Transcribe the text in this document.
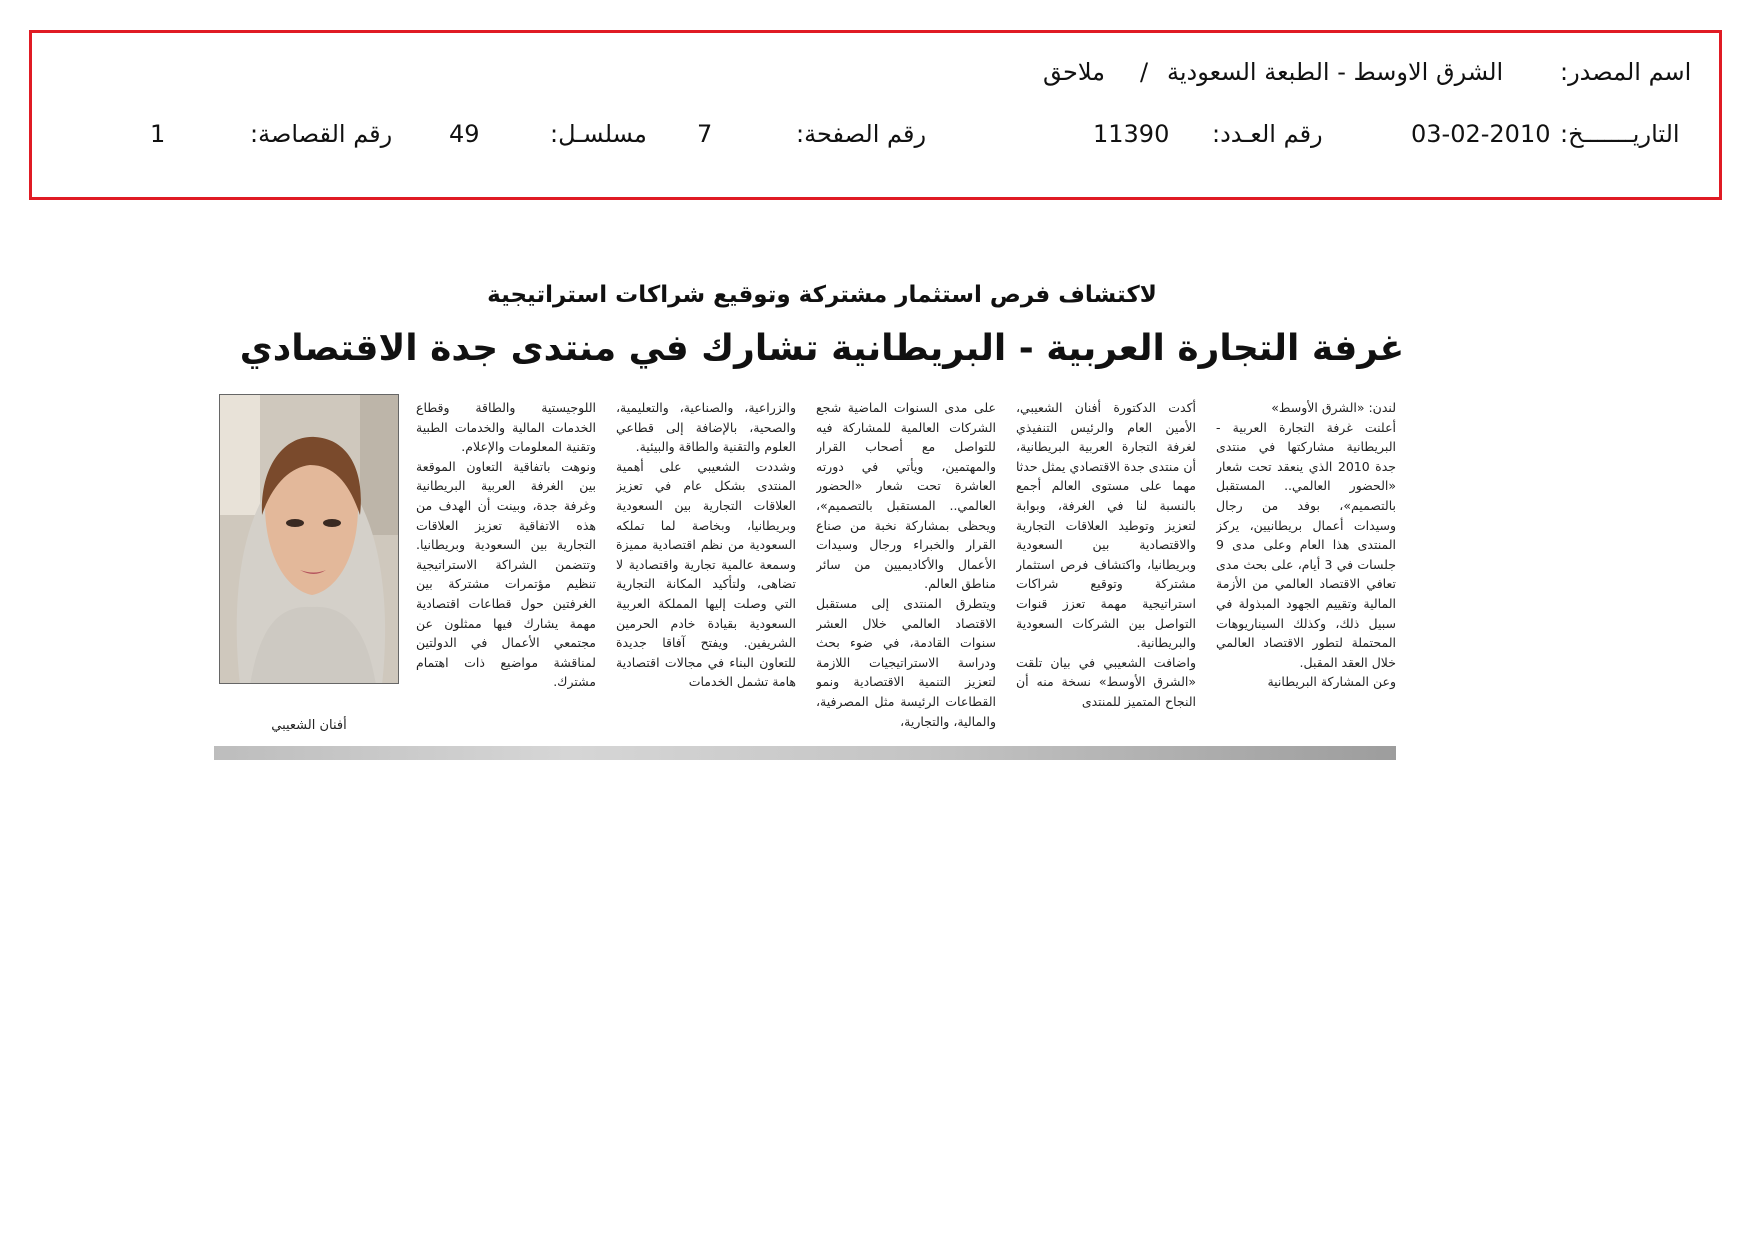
اسم المصدر:
الشرق الاوسط - الطبعة السعودية
/
ملاحق
التاريـــــــخ:
03-02-2010
رقم العـدد:
11390
رقم الصفحة:
7
مسلسـل:
49
رقم القصاصة:
1
لاكتشاف فرص استثمار مشتركة وتوقيع شراكات استراتيجية
غرفة التجارة العربية - البريطانية تشارك في منتدى جدة الاقتصادي

لندن: «الشرق الأوسط»
أعلنت غرفة التجارة العربية - البريطانية مشاركتها في منتدى جدة 2010 الذي ينعقد تحت شعار «الحضور العالمي.. المستقبل بالتصميم»، بوفد من رجال وسيدات أعمال بريطانيين، يركز المنتدى هذا العام وعلى مدى 9 جلسات في 3 أيام، على بحث مدى تعافي الاقتصاد العالمي من الأزمة المالية وتقييم الجهود المبذولة في سبيل ذلك، وكذلك السيناريوهات المحتملة لتطور الاقتصاد العالمي خلال العقد المقبل.
وعن المشاركة البريطانية

أكدت الدكتورة أفنان الشعيبي، الأمين العام والرئيس التنفيذي لغرفة التجارة العربية البريطانية، أن منتدى جدة الاقتصادي يمثل حدثا مهما على مستوى العالم أجمع بالنسبة لنا في الغرفة، وبوابة لتعزيز وتوطيد العلاقات التجارية والاقتصادية بين السعودية وبريطانيا، واكتشاف فرص استثمار مشتركة وتوقيع شراكات استراتيجية مهمة تعزز قنوات التواصل بين الشركات السعودية والبريطانية.
واضافت الشعيبي في بيان تلقت «الشرق الأوسط» نسخة منه أن النجاح المتميز للمنتدى

على مدى السنوات الماضية شجع الشركات العالمية للمشاركة فيه للتواصل مع أصحاب القرار والمهتمين، ويأتي في دورته العاشرة تحت شعار «الحضور العالمي.. المستقبل بالتصميم»، ويحظى بمشاركة نخبة من صناع القرار والخبراء ورجال وسيدات الأعمال والأكاديميين من سائر مناطق العالم.
ويتطرق المنتدى إلى مستقبل الاقتصاد العالمي خلال العشر سنوات القادمة، في ضوء بحث ودراسة الاستراتيجيات اللازمة لتعزيز التنمية الاقتصادية ونمو القطاعات الرئيسة مثل المصرفية، والمالية، والتجارية،

والزراعية، والصناعية، والتعليمية، والصحية، بالإضافة إلى قطاعي العلوم والتقنية والطاقة والبيئية.
وشددت الشعيبي على أهمية المنتدى بشكل عام في تعزيز العلاقات التجارية بين السعودية وبريطانيا، وبخاصة لما تملكه السعودية من نظم اقتصادية مميزة وسمعة عالمية تجارية واقتصادية لا تضاهى، ولتأكيد المكانة التجارية التي وصلت إليها المملكة العربية السعودية بقيادة خادم الحرمين الشريفين. ويفتح آفاقا جديدة للتعاون البناء في مجالات اقتصادية هامة تشمل الخدمات

اللوجيستية والطاقة وقطاع الخدمات المالية والخدمات الطبية وتقنية المعلومات والإعلام.
ونوهت باتفاقية التعاون الموقعة بين الغرفة العربية البريطانية وغرفة جدة، وبينت أن الهدف من هذه الاتفاقية تعزيز العلاقات التجارية بين السعودية وبريطانيا. وتتضمن الشراكة الاستراتيجية تنظيم مؤتمرات مشتركة بين الغرفتين حول قطاعات اقتصادية مهمة يشارك فيها ممثلون عن مجتمعي الأعمال في الدولتين لمناقشة مواضيع ذات اهتمام مشترك.

أفنان الشعيبي
